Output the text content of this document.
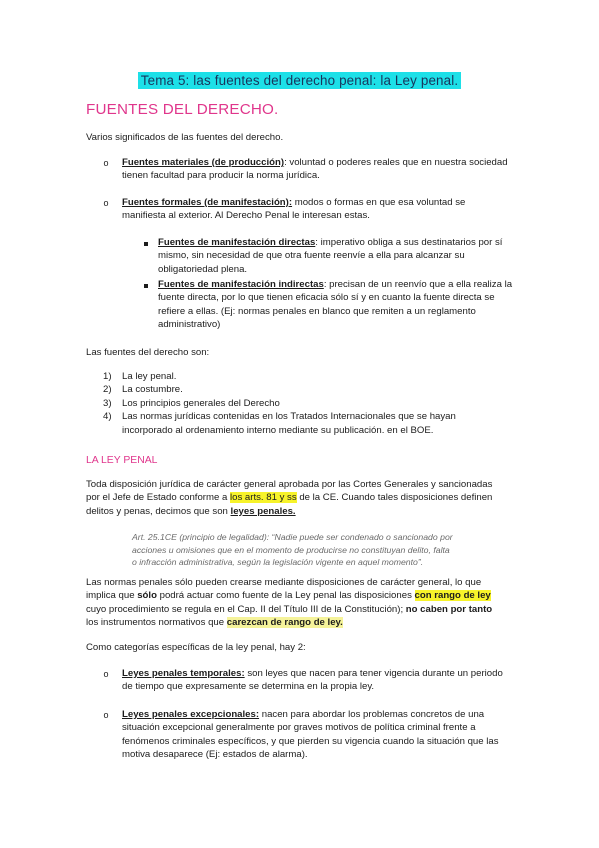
Tema 5: las fuentes del derecho penal: la Ley penal.
FUENTES DEL DERECHO.

Varios significados de las fuentes del derecho.

o	Fuentes materiales (de producción): voluntad o poderes reales que en nuestra sociedad

tienen facultad para producir la norma jurídica.

o	Fuentes formales (de manifestación): modos o formas en que esa voluntad se

manifiesta al exterior. Al Derecho Penal le interesan estas.

Fuentes de manifestación directas: imperativo obliga a sus destinatarios por sí

mismo, sin necesidad de que otra fuente reenvíe a ella para alcanzar su

obligatoriedad plena.

Fuentes de manifestación indirectas: precisan de un reenvío que a ella realiza la

fuente directa, por lo que tienen eficacia sólo sí y en cuanto la fuente directa se

refiere a ellas. (Ej: normas penales en blanco que remiten a un reglamento

administrativo)

Las fuentes del derecho son:

1)	La ley penal.
2)	La costumbre.
3)	Los principios generales del Derecho
4)	Las normas jurídicas contenidas en los Tratados Internacionales que se hayan
incorporado al ordenamiento interno mediante su publicación. en el BOE.
LA LEY PENAL

Toda disposición jurídica de carácter general aprobada por las Cortes Generales y sancionadas

por el Jefe de Estado conforme a los arts. 81 y ss de la CE. Cuando tales disposiciones definen

delitos y penas, decimos que son leyes penales.

Art. 25.1CE (principio de legalidad): “Nadie puede ser condenado o sancionado por

acciones u omisiones que en el momento de producirse no constituyan delito, falta

o infracción administrativa, según la legislación vigente en aquel momento”.

Las normas penales sólo pueden crearse mediante disposiciones de carácter general, lo que

implica que sólo podrá actuar como fuente de la Ley penal las disposiciones con rango de ley

cuyo procedimiento se regula en el Cap. II del Título III de la Constitución); no caben por tanto

los instrumentos normativos que carezcan de rango de ley.

Como categorías específicas de la ley penal, hay 2:

o	Leyes penales temporales: son leyes que nacen para tener vigencia durante un periodo

de tiempo que expresamente se determina en la propia ley.

o	Leyes penales excepcionales: nacen para abordar los problemas concretos de una

situación excepcional generalmente por graves motivos de política criminal frente a

fenómenos criminales específicos, y que pierden su vigencia cuando la situación que las

motiva desaparece (Ej: estados de alarma).
